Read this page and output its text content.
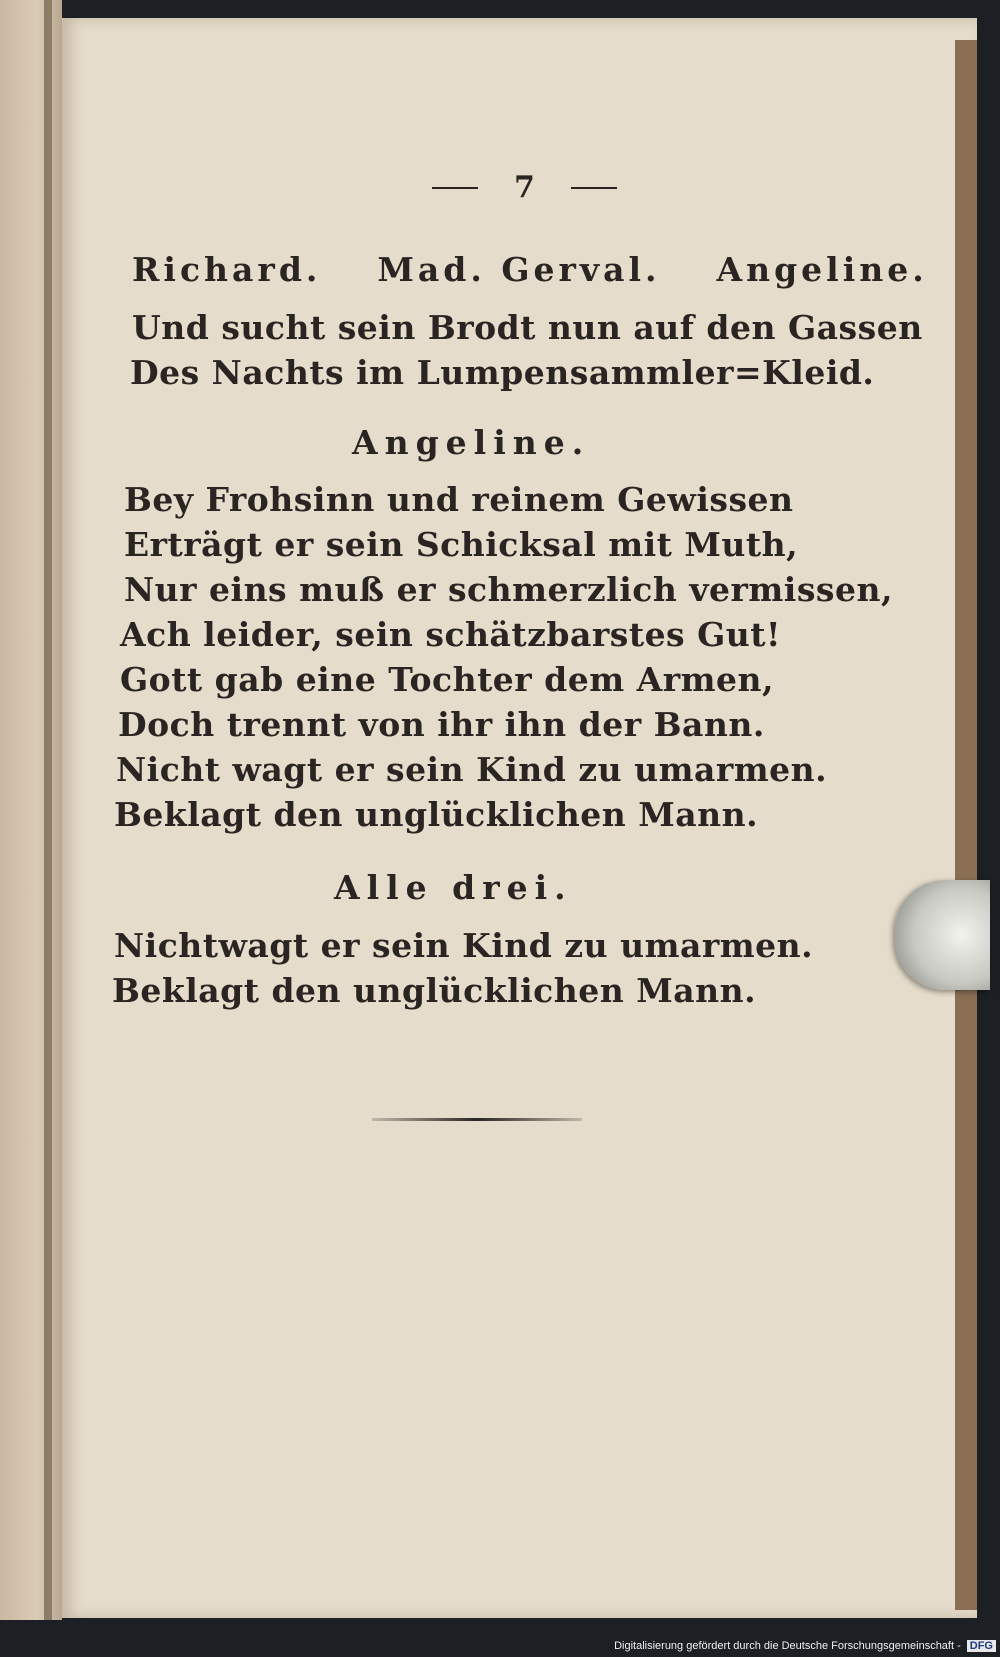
7
Richard. Mad. Gerval. Angeline.
Und sucht sein Brodt nun auf den Gassen
Des Nachts im Lumpensammler=Kleid.
Angeline.
Bey Frohsinn und reinem Gewissen
Erträgt er sein Schicksal mit Muth,
Nur eins muß er schmerzlich vermissen,
Ach leider, sein schätzbarstes Gut!
Gott gab eine Tochter dem Armen,
Doch trennt von ihr ihn der Bann.
Nicht wagt er sein Kind zu umarmen.
Beklagt den unglücklichen Mann.
Alle drei.
Nichtwagt er sein Kind zu umarmen.
Beklagt den unglücklichen Mann.
Digitalisierung gefördert durch die Deutsche Forschungsgemeinschaft - DFG
